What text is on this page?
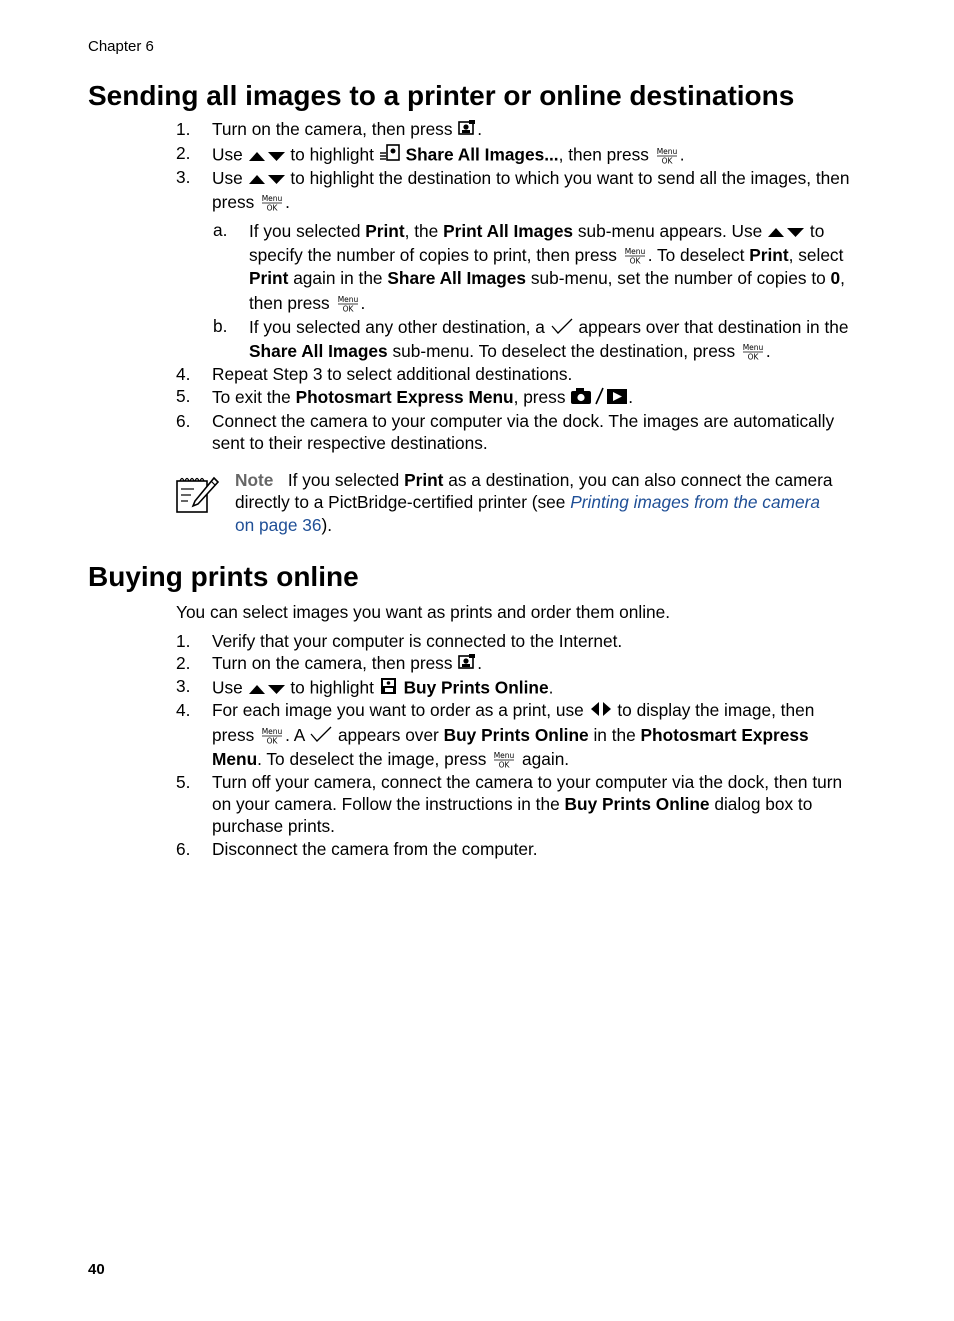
Chapter 6
Sending all images to a printer or online destinations
1. Turn on the camera, then press .
2. Use	to highlight Share All Images..., then press Menu
OK .
3. Use	to highlight the destination to which you want to send all the images, then
press Menu
OK .
a. If you selected Print, the Print All Images sub-menu appears. Use	to
specify the number of copies to print, then press Menu
OK . To deselect Print, select
Print again in the Share All Images sub-menu, set the number of copies to 0,
then press Menu
OK .
b. If you selected any other destination, a appears over that destination in the
Share All Images sub-menu. To deselect the destination, press Menu
OK .
4. Repeat Step 3 to select additional destinations.
5. To exit the Photosmart Express Menu, press	.
6. Connect the camera to your computer via the dock. The images are automatically
sent to their respective destinations.
Note If you selected Print as a destination, you can also connect the camera
directly to a PictBridge-certified printer (see Printing images from the camera
on page 36).
Buying prints online
You can select images you want as prints and order them online.
1. Verify that your computer is connected to the Internet.
2. Turn on the camera, then press .
3. Use	to highlight Buy Prints Online.
4. For each image you want to order as a print, use to display the image, then
press Menu
OK . A appears over Buy Prints Online in the Photosmart Express
Menu. To deselect the image, press Menu
OK again.
5. Turn off your camera, connect the camera to your computer via the dock, then turn
on your camera. Follow the instructions in the Buy Prints Online dialog box to
purchase prints.
6. Disconnect the camera from the computer.
40
